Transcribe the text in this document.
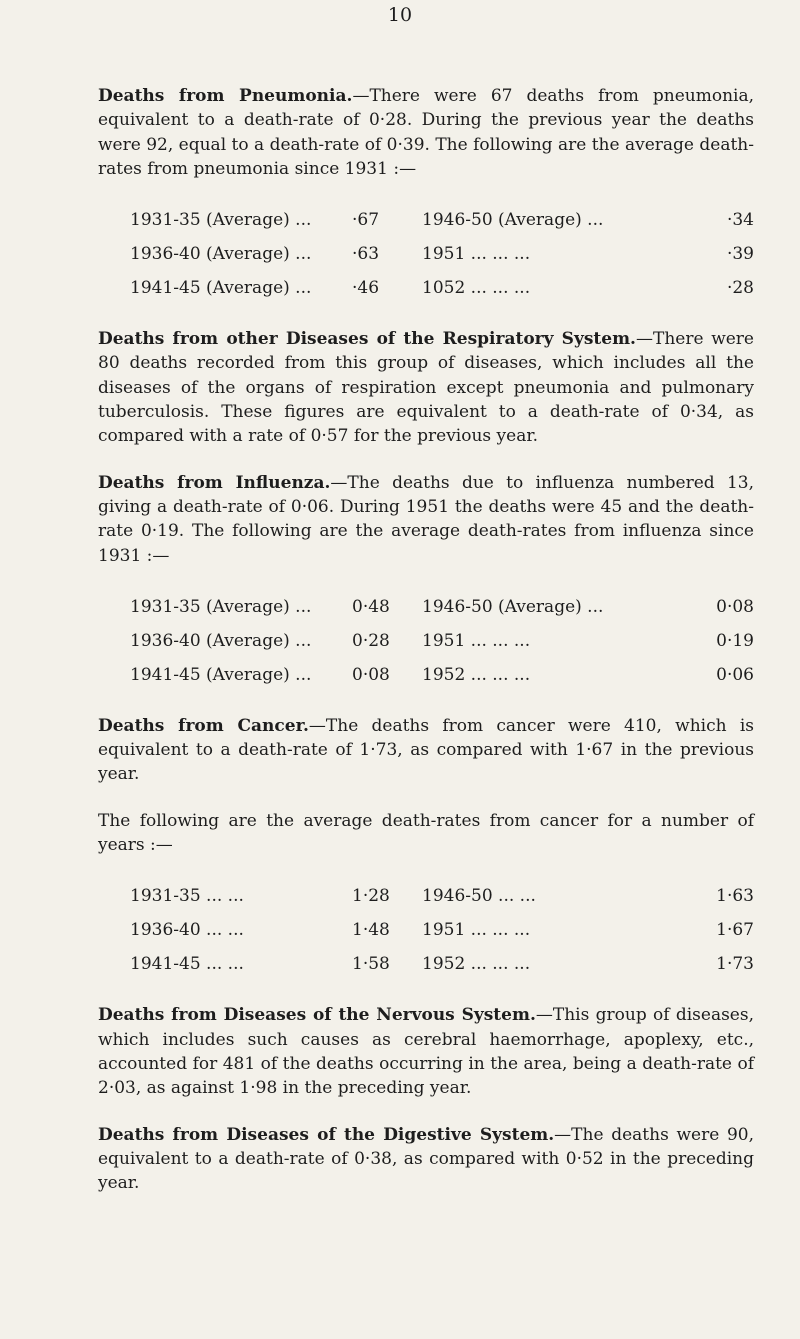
10

Deaths from Pneumonia.—There were 67 deaths from pneumonia, equivalent to a death-rate of 0·28. During the previous year the deaths were 92, equal to a death-rate of 0·39. The following are the average death-rates from pneumonia since 1931 :—

1931-35 (Average) ...	·67	1946-50 (Average) ...	·34
1936-40 (Average) ...	·63	1951 ... ... ...	·39
1941-45 (Average) ...	·46	1052 ... ... ...	·28

Deaths from other Diseases of the Respiratory System.—There were 80 deaths recorded from this group of diseases, which includes all the diseases of the organs of respiration except pneumonia and pulmonary tuberculosis. These figures are equivalent to a death-rate of 0·34, as compared with a rate of 0·57 for the previous year.

Deaths from Influenza.—The deaths due to influenza numbered 13, giving a death-rate of 0·06. During 1951 the deaths were 45 and the death-rate 0·19. The following are the average death-rates from influenza since 1931 :—

1931-35 (Average) ...	0·48	1946-50 (Average) ...	0·08
1936-40 (Average) ...	0·28	1951 ... ... ...	0·19
1941-45 (Average) ...	0·08	1952 ... ... ...	0·06

Deaths from Cancer.—The deaths from cancer were 410, which is equivalent to a death-rate of 1·73, as compared with 1·67 in the previous year.

The following are the average death-rates from cancer for a number of years :—

1931-35 ... ...	1·28	1946-50 ... ...	1·63
1936-40 ... ...	1·48	1951 ... ... ...	1·67
1941-45 ... ...	1·58	1952 ... ... ...	1·73

Deaths from Diseases of the Nervous System.—This group of diseases, which includes such causes as cerebral haemorrhage, apoplexy, etc., accounted for 481 of the deaths occurring in the area, being a death-rate of 2·03, as against 1·98 in the preceding year.

Deaths from Diseases of the Digestive System.—The deaths were 90, equivalent to a death-rate of 0·38, as compared with 0·52 in the preceding year.
